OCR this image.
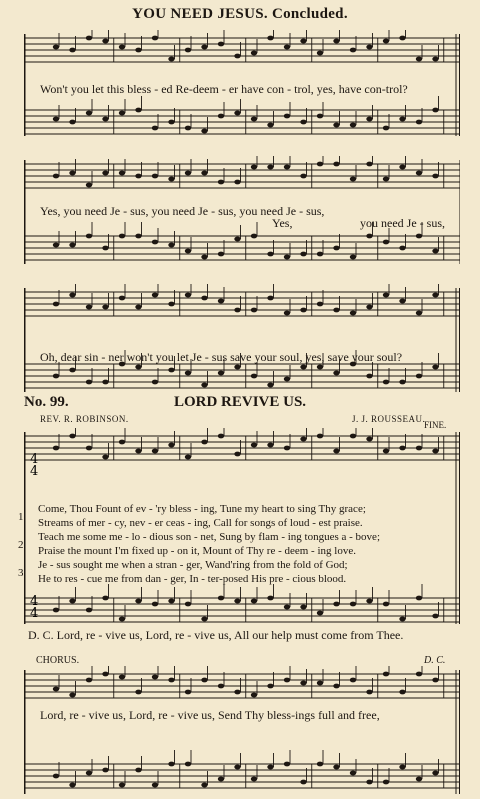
YOU NEED JESUS. Concluded.
Won't you let this bless - ed Re-deem - er have con - trol, yes, have con-trol?
Yes, you need Je - sus, you need Je - sus, you need Je - sus,
Yes,	you need Je - sus,
Oh, dear sin - ner won't you let Je - sus save your soul, yes, save your soul?
No. 99.	LORD REVIVE US.
REV. R. ROBINSON.	J. J. ROUSSEAU.
FINE.
4
4
4
4
1.
Come, Thou Fount of ev - 'ry bless - ing, Tune my heart to sing Thy grace;
Streams of mer - cy, nev - er ceas - ing, Call for songs of loud - est praise.
2.
Teach me some me - lo - dious son - net, Sung by flam - ing tongues a - bove;
Praise the mount I'm fixed up - on it, Mount of Thy re - deem - ing love.
3.
Je - sus sought me when a stran - ger, Wand'ring from the fold of God;
He to res - cue me from dan - ger, In - ter-posed His pre - cious blood.
D. C. Lord, re - vive us, Lord, re - vive us, All our help must come from Thee.
CHORUS.	D. C.
Lord, re - vive us, Lord, re - vive us, Send Thy bless-ings full and free,
